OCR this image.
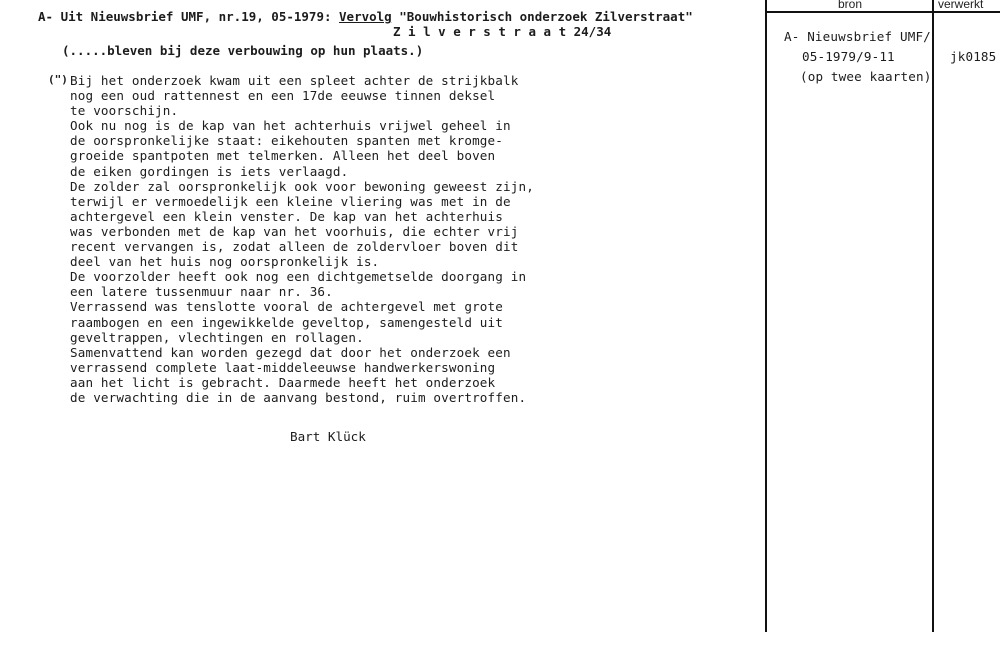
A- Uit Nieuwsbrief UMF, nr.19, 05-1979: Vervolg "Bouwhistorisch onderzoek Zilverstraat"
Z i l v e r s t r a a t 24/34
(.....bleven bij deze verbouwing op hun plaats.)
(") Bij het onderzoek kwam uit een spleet achter de strijkbalk
nog een oud rattennest en een 17de eeuwse tinnen deksel
te voorschijn.
Ook nu nog is de kap van het achterhuis vrijwel geheel in
de oorspronkelijke staat: eikehouten spanten met kromge-
groeide spantpoten met telmerken. Alleen het deel boven
de eiken gordingen is iets verlaagd.
De zolder zal oorspronkelijk ook voor bewoning geweest zijn,
terwijl er vermoedelijk een kleine vliering was met in de
achtergevel een klein venster. De kap van het achterhuis
was verbonden met de kap van het voorhuis, die echter vrij
recent vervangen is, zodat alleen de zoldervloer boven dit
deel van het huis nog oorspronkelijk is.
De voorzolder heeft ook nog een dichtgemetselde doorgang in
een latere tussenmuur naar nr. 36.
Verrassend was tenslotte vooral de achtergevel met grote
raambogen en een ingewikkelde geveltop, samengesteld uit
geveltrappen, vlechtingen en rollagen.
Samenvattend kan worden gezegd dat door het onderzoek een
verrassend complete laat-middeleeuwse handwerkerswoning
aan het licht is gebracht. Daarmede heeft het onderzoek
de verwachting die in de aanvang bestond, ruim overtroffen.
Bart Klück
bron	verwerkt
A- Nieuwsbrief UMF/
05-1979/9-11
(op twee kaarten)
jk0185
